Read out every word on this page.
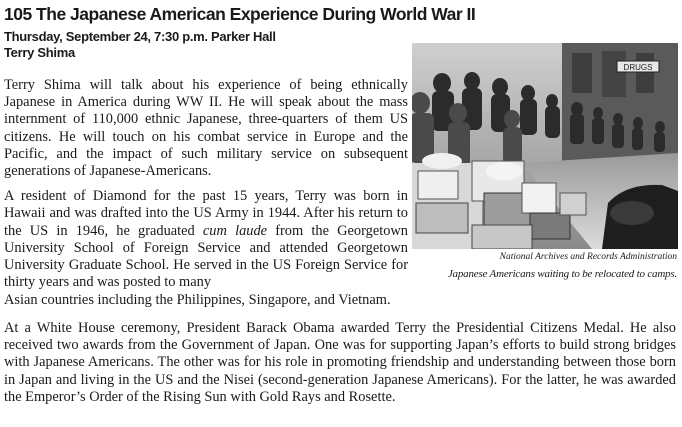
105 The Japanese American Experience During World War II
Thursday, September 24, 7:30 p.m. Parker Hall
Terry Shima

Terry Shima will talk about his experience of being ethnically Japanese in America during WW II. He will speak about the mass internment of 110,000 ethnic Japanese, three-quarters of them US citizens. He will touch on his combat service in Europe and the Pacific, and the impact of such military service on subsequent generations of Japanese-Americans.

A resident of Diamond for the past 15 years, Terry was born in Hawaii and was drafted into the US Army in 1944. After his return to the US in 1946, he graduated cum laude from the Georgetown University School of Foreign Service and attended Georgetown University Graduate School. He served in the US Foreign Service for thirty years and was posted to many

Asian countries including the Philippines, Singapore, and Vietnam.

At a White House ceremony, President Barack Obama awarded Terry the Presidential Citizens Medal. He also received two awards from the Government of Japan. One was for supporting Japan’s efforts to build strong bridges with Japanese Americans. The other was for his role in promoting friendship and understanding between those born in Japan and living in the US and the Nisei (second-generation Japanese Americans). For the latter, he was awarded the Emperor’s Order of the Rising Sun with Gold Rays and Rosette.

DRUGS
National Archives and Records Administration
Japanese Americans waiting to be relocated to camps.
